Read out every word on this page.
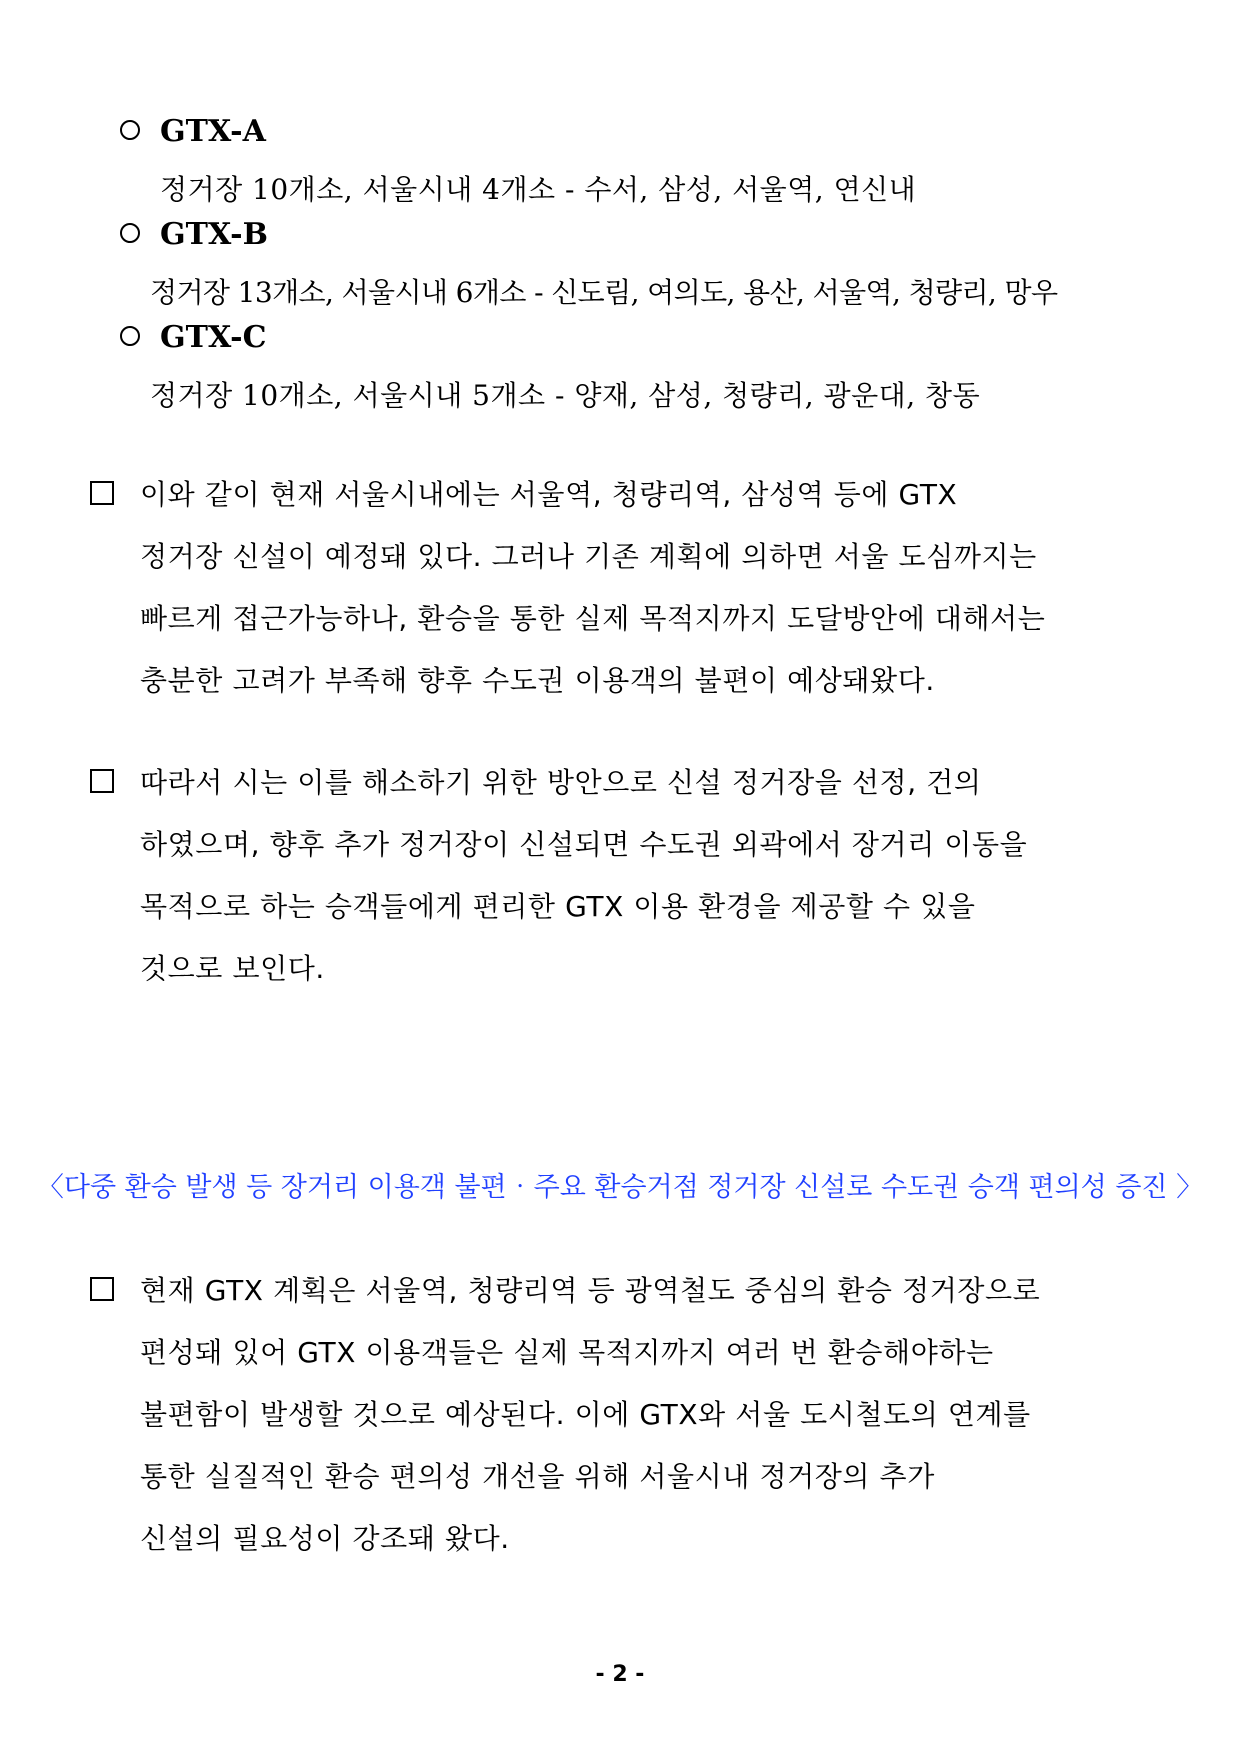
GTX-A
정거장 10개소, 서울시내 4개소 - 수서, 삼성, 서울역, 연신내
GTX-B
정거장 13개소, 서울시내 6개소 - 신도림, 여의도, 용산, 서울역, 청량리, 망우
GTX-C
정거장 10개소, 서울시내 5개소 - 양재, 삼성, 청량리, 광운대, 창동
이와 같이 현재 서울시내에는 서울역, 청량리역, 삼성역 등에 GTX
정거장 신설이 예정돼 있다. 그러나 기존 계획에 의하면 서울 도심까지는
빠르게 접근가능하나, 환승을 통한 실제 목적지까지 도달방안에 대해서는
충분한 고려가 부족해 향후 수도권 이용객의 불편이 예상돼왔다.
따라서 시는 이를 해소하기 위한 방안으로 신설 정거장을 선정, 건의
하였으며, 향후 추가 정거장이 신설되면 수도권 외곽에서 장거리 이동을
목적으로 하는 승객들에게 편리한 GTX 이용 환경을 제공할 수 있을
것으로 보인다.
〈다중 환승 발생 등 장거리 이용객 불편‧주요 환승거점 정거장 신설로 수도권 승객 편의성 증진 〉
현재 GTX 계획은 서울역, 청량리역 등 광역철도 중심의 환승 정거장으로
편성돼 있어 GTX 이용객들은 실제 목적지까지 여러 번 환승해야하는
불편함이 발생할 것으로 예상된다. 이에 GTX와 서울 도시철도의 연계를
통한 실질적인 환승 편의성 개선을 위해 서울시내 정거장의 추가
신설의 필요성이 강조돼 왔다.
- 2 -
